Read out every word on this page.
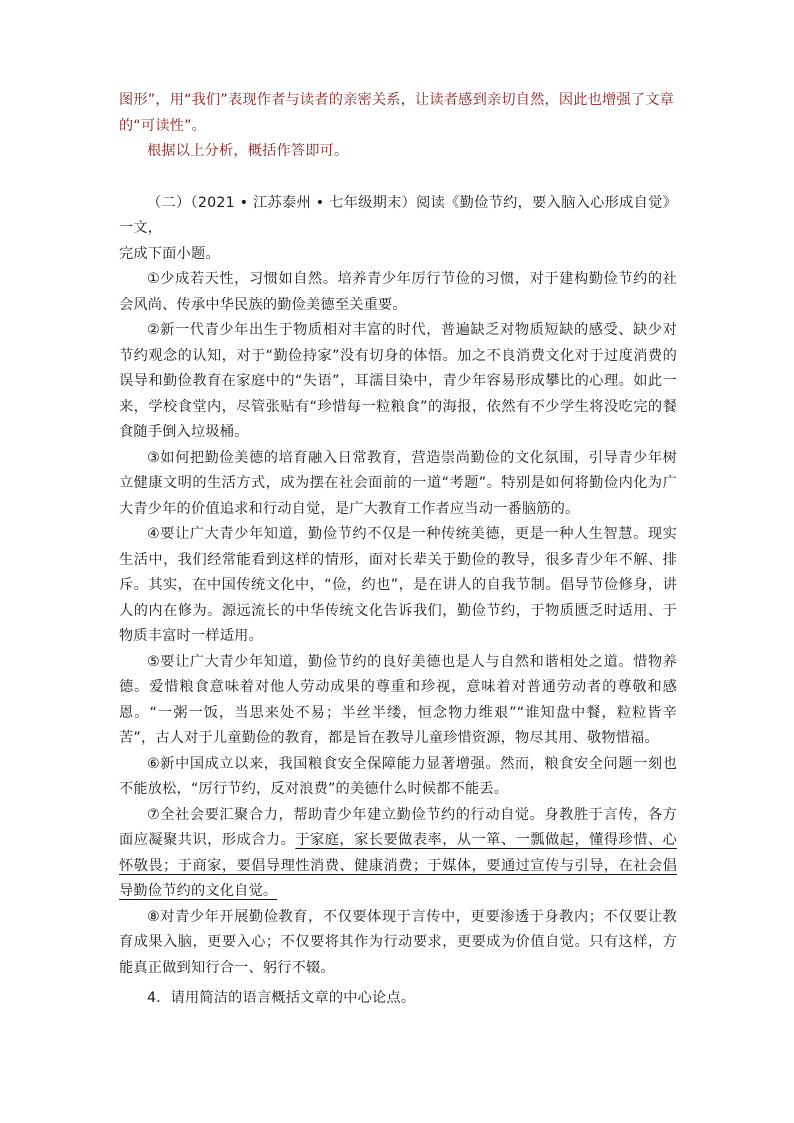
图形”，用“我们”表现作者与读者的亲密关系，让读者感到亲切自然，因此也增强了文章
的“可读性”。

根据以上分析，概括作答即可。

（二）（2021 • 江苏泰州 • 七年级期末）阅读《勤俭节约，要入脑入心形成自觉》一文，
完成下面小题。

①少成若天性，习惯如自然。培养青少年厉行节俭的习惯，对于建构勤俭节约的社会风尚、传承中华民族的勤俭美德至关重要。

②新一代青少年出生于物质相对丰富的时代，普遍缺乏对物质短缺的感受、缺少对节约观念的认知，对于“勤俭持家”没有切身的体悟。加之不良消费文化对于过度消费的误导和勤俭教育在家庭中的“失语”，耳濡目染中，青少年容易形成攀比的心理。如此一来，学校食堂内，尽管张贴有“珍惜每一粒粮食”的海报，依然有不少学生将没吃完的餐食随手倒入垃圾桶。

③如何把勤俭美德的培育融入日常教育，营造崇尚勤俭的文化氛围，引导青少年树立健康文明的生活方式，成为摆在社会面前的一道“考题”。特别是如何将勤俭内化为广大青少年的价值追求和行动自觉，是广大教育工作者应当动一番脑筋的。

④要让广大青少年知道，勤俭节约不仅是一种传统美德，更是一种人生智慧。现实生活中，我们经常能看到这样的情形，面对长辈关于勤俭的教导，很多青少年不解、排斥。其实，在中国传统文化中，“俭，约也”，是在讲人的自我节制。倡导节俭修身，讲人的内在修为。源远流长的中华传统文化告诉我们，勤俭节约，于物质匮乏时适用、于物质丰富时一样适用。

⑤要让广大青少年知道，勤俭节约的良好美德也是人与自然和谐相处之道。惜物养德。爱惜粮食意味着对他人劳动成果的尊重和珍视，意味着对普通劳动者的尊敬和感恩。“一粥一饭，当思来处不易；半丝半缕，恒念物力维艰”“谁知盘中餐，粒粒皆辛苦”，古人对于儿童勤俭的教育，都是旨在教导儿童珍惜资源，物尽其用、敬物惜福。

⑥新中国成立以来，我国粮食安全保障能力显著增强。然而，粮食安全问题一刻也不能放松，“厉行节约，反对浪费”的美德什么时候都不能丢。

⑦全社会要汇聚合力，帮助青少年建立勤俭节约的行动自觉。身教胜于言传，各方面应凝聚共识，形成合力。于家庭，家长要做表率，从一箪、一瓢做起，懂得珍惜、心怀敬畏；于商家，要倡导理性消费、健康消费；于媒体，要通过宣传与引导，在社会倡导勤俭节约的文化自觉。

⑧对青少年开展勤俭教育，不仅要体现于言传中，更要渗透于身教内；不仅要让教育成果入脑，更要入心；不仅要将其作为行动要求，更要成为价值自觉。只有这样，方能真正做到知行合一、躬行不辍。

4．请用简洁的语言概括文章的中心论点。
